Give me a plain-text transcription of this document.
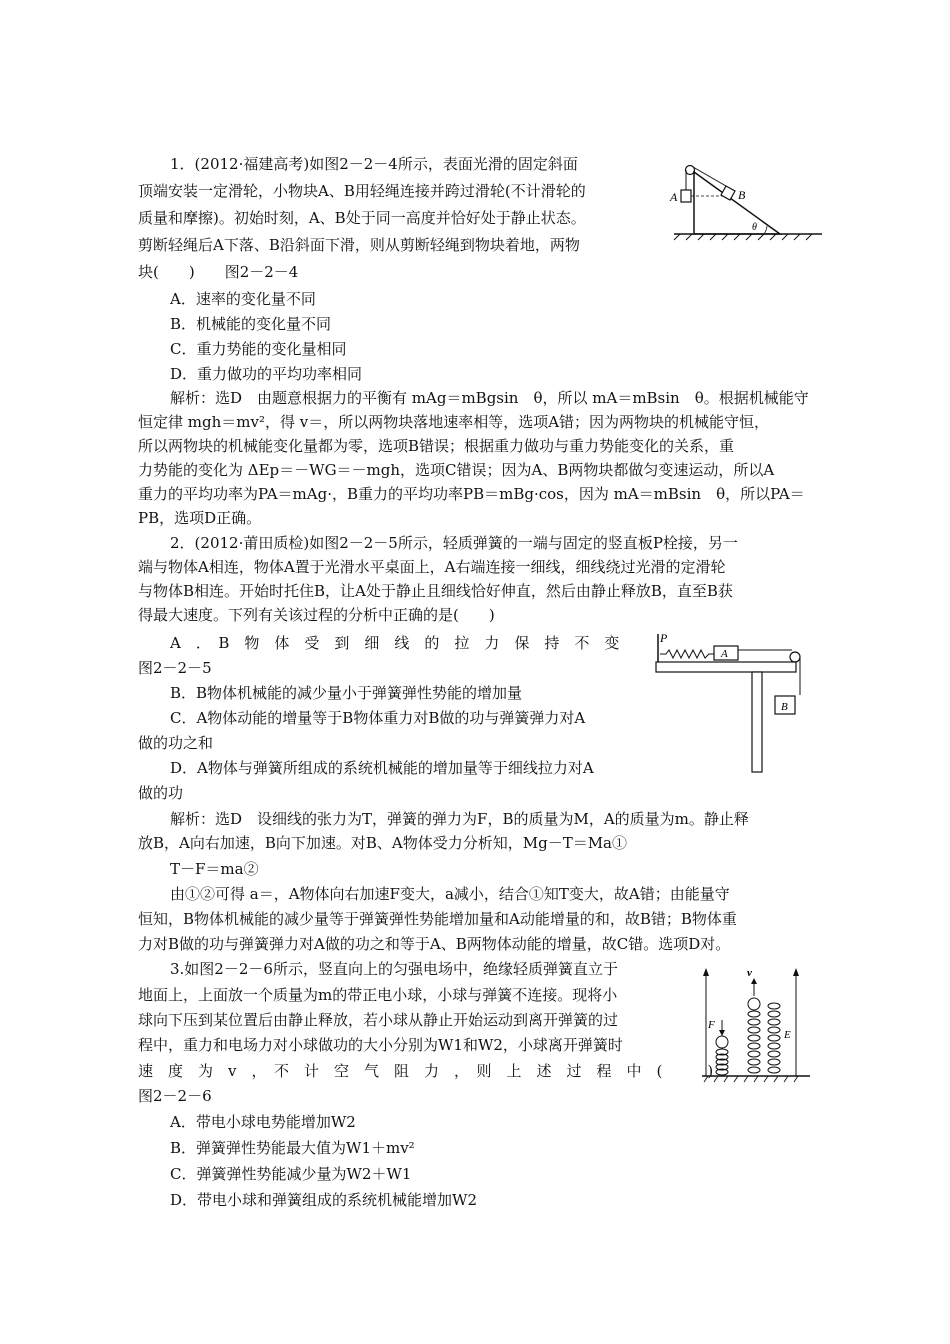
1．(2012·福建高考)如图2－2－4所示，表面光滑的固定斜面
顶端安装一定滑轮，小物块A、B用轻绳连接并跨过滑轮(不计滑轮的
质量和摩擦)。初始时刻，A、B处于同一高度并恰好处于静止状态。
剪断轻绳后A下落、B沿斜面下滑，则从剪断轻绳到物块着地，两物
块(　　)　　图2－2－4
A．速率的变化量不同
B．机械能的变化量不同
C．重力势能的变化量相同
D．重力做功的平均功率相同
解析：选D　由题意根据力的平衡有 mAg＝mBgsin　θ，所以 mA＝mBsin　θ。根据机械能守
恒定律 mgh＝mv²，得 v＝，所以两物块落地速率相等，选项A错；因为两物块的机械能守恒，
所以两物块的机械能变化量都为零，选项B错误；根据重力做功与重力势能变化的关系，重
力势能的变化为 ΔEp＝－WG＝－mgh，选项C错误；因为A、B两物块都做匀变速运动，所以A
重力的平均功率为PA＝mAg·，B重力的平均功率PB＝mBg·cos，因为 mA＝mBsin　θ，所以PA＝
PB，选项D正确。
A	B
θ
2．(2012·莆田质检)如图2－2－5所示，轻质弹簧的一端与固定的竖直板P栓接，另一
端与物体A相连，物体A置于光滑水平桌面上，A右端连接一细线，细线绕过光滑的定滑轮
与物体B相连。开始时托住B，让A处于静止且细线恰好伸直，然后由静止释放B，直至B获
得最大速度。下列有关该过程的分析中正确的是(　　)
A　．　B　物　体　受　到　细　线　的　拉　力　保　持　不　变
图2－2－5
B．B物体机械能的减少量小于弹簧弹性势能的增加量
C．A物体动能的增量等于B物体重力对B做的功与弹簧弹力对A
做的功之和
D．A物体与弹簧所组成的系统机械能的增加量等于细线拉力对A
做的功
解析：选D　设细线的张力为T，弹簧的弹力为F，B的质量为M，A的质量为m。静止释
放B，A向右加速，B向下加速。对B、A物体受力分析知，Mg－T＝Ma①
T－F＝ma②
由①②可得 a＝，A物体向右加速F变大，a减小，结合①知T变大，故A错；由能量守
恒知，B物体机械能的减少量等于弹簧弹性势能增加量和A动能增量的和，故B错；B物体重
力对B做的功与弹簧弹力对A做的功之和等于A、B两物体动能的增量，故C错。选项D对。
P
A
B
3.如图2－2－6所示，竖直向上的匀强电场中，绝缘轻质弹簧直立于
地面上，上面放一个质量为m的带正电小球，小球与弹簧不连接。现将小
球向下压到某位置后由静止释放，若小球从静止开始运动到离开弹簧的过
程中，重力和电场力对小球做功的大小分别为W1和W2，小球离开弹簧时
速　度　为　v　，　不　计　空　气　阻　力　，　则　上　述　过　程　中　(　　　)
图2－2－6
A．带电小球电势能增加W2
B．弹簧弹性势能最大值为W1＋mv²
C．弹簧弹性势能减少量为W2＋W1
D．带电小球和弹簧组成的系统机械能增加W2
F
v
E
